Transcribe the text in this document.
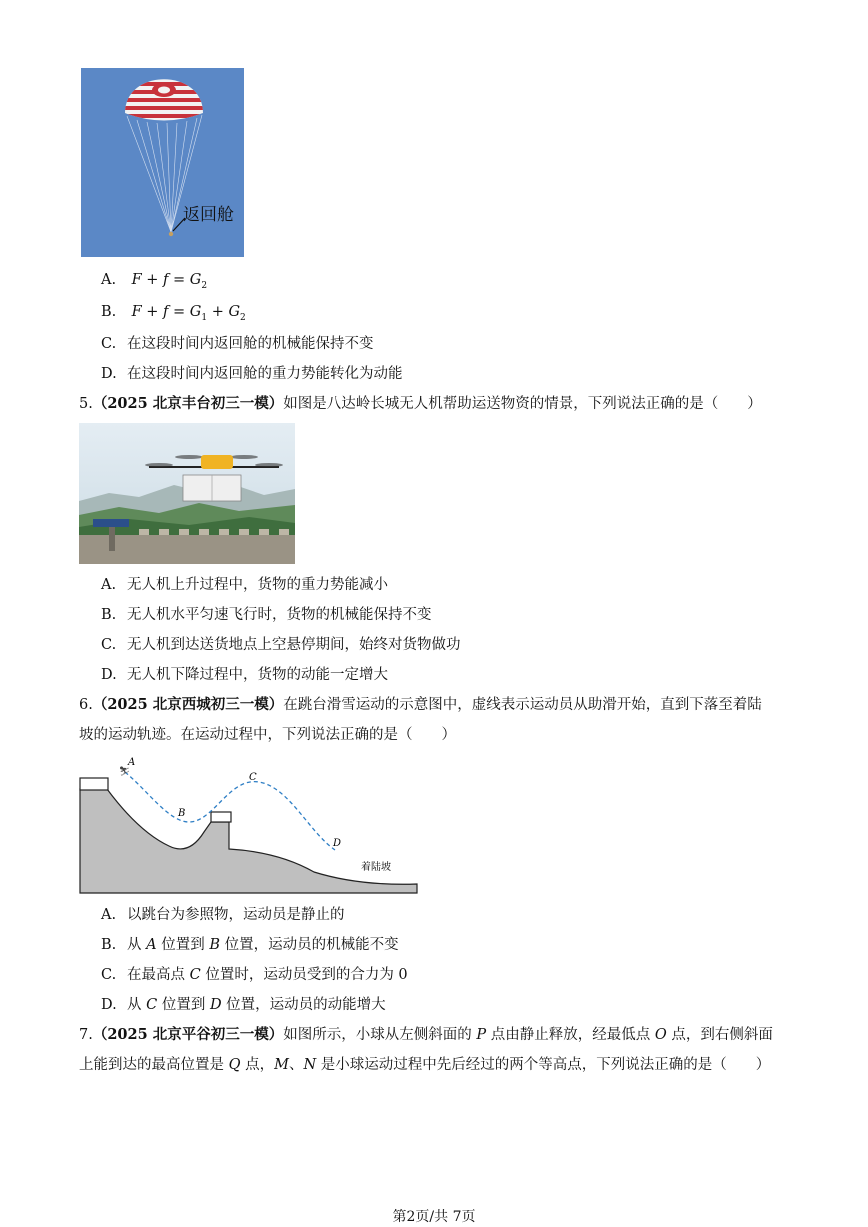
返回舱
A. $F + f = G_2$
B. $F + f = G_1 + G_2$
C. 在这段时间内返回舱的机械能保持不变
D. 在这段时间内返回舱的重力势能转化为动能
5.（2025 北京丰台初三一模）如图是八达岭长城无人机帮助运送物资的情景，下列说法正确的是（　　）
A. 无人机上升过程中，货物的重力势能减小
B. 无人机水平匀速飞行时，货物的机械能保持不变
C. 无人机到达送货地点上空悬停期间，始终对货物做功
D. 无人机下降过程中，货物的动能一定增大
6.（2025 北京西城初三一模）在跳台滑雪运动的示意图中，虚线表示运动员从助滑开始，直到下落至着陆
坡的运动轨迹。在运动过程中，下列说法正确的是（　　）
A
⛷
B
C
D
着陆坡
A. 以跳台为参照物，运动员是静止的
B. 从 A 位置到 B 位置，运动员的机械能不变
C. 在最高点 C 位置时，运动员受到的合力为 0
D. 从 C 位置到 D 位置，运动员的动能增大
7.（2025 北京平谷初三一模）如图所示，小球从左侧斜面的 P 点由静止释放，经最低点 O 点，到右侧斜面
上能到达的最高位置是 Q 点，M、N 是小球运动过程中先后经过的两个等高点，下列说法正确的是（　　）
第2页/共 7页
